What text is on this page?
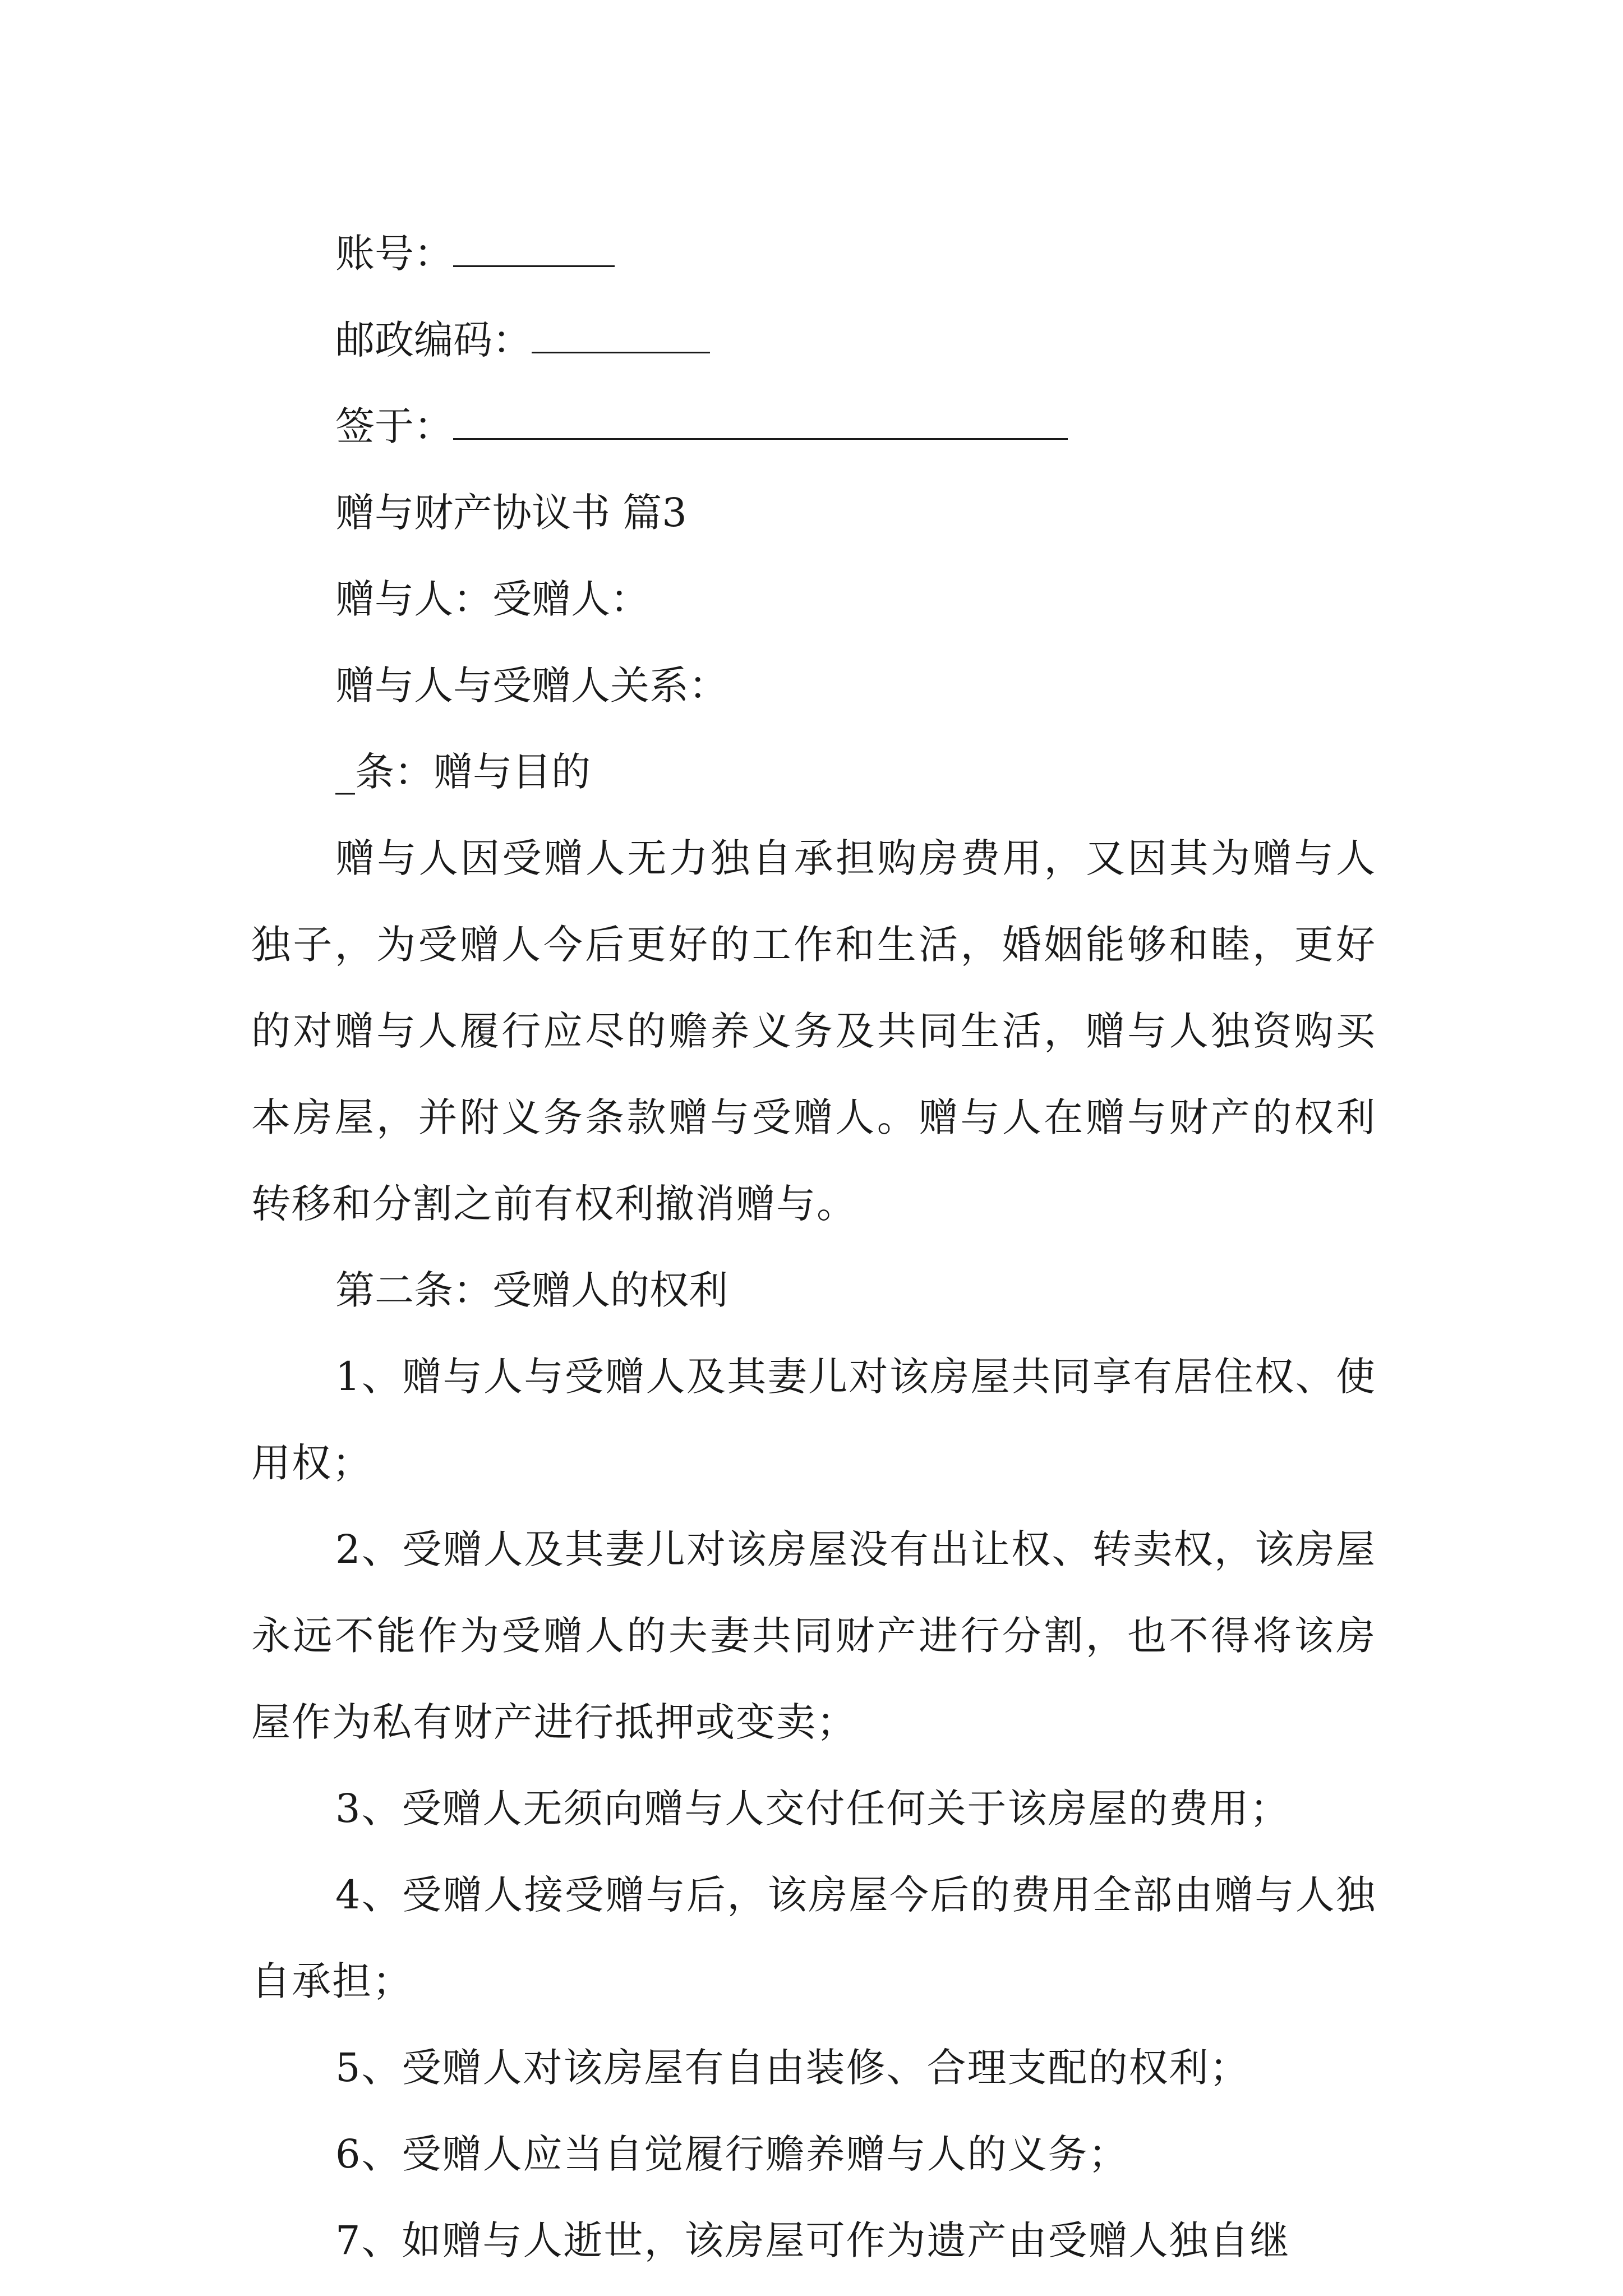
账号：

邮政编码：

签于：

赠与财产协议书 篇3

赠与人：受赠人：

赠与人与受赠人关系：

_条：赠与目的

赠与人因受赠人无力独自承担购房费用，又因其为赠与人独子，为受赠人今后更好的工作和生活，婚姻能够和睦，更好的对赠与人履行应尽的赡养义务及共同生活，赠与人独资购买本房屋，并附义务条款赠与受赠人。赠与人在赠与财产的权利转移和分割之前有权利撤消赠与。

第二条：受赠人的权利

1、赠与人与受赠人及其妻儿对该房屋共同享有居住权、使用权；

2、受赠人及其妻儿对该房屋没有出让权、转卖权，该房屋永远不能作为受赠人的夫妻共同财产进行分割，也不得将该房屋作为私有财产进行抵押或变卖；

3、受赠人无须向赠与人交付任何关于该房屋的费用；

4、受赠人接受赠与后，该房屋今后的费用全部由赠与人独自承担；

5、受赠人对该房屋有自由装修、合理支配的权利；

6、受赠人应当自觉履行赡养赠与人的义务；

7、如赠与人逝世，该房屋可作为遗产由受赠人独自继
